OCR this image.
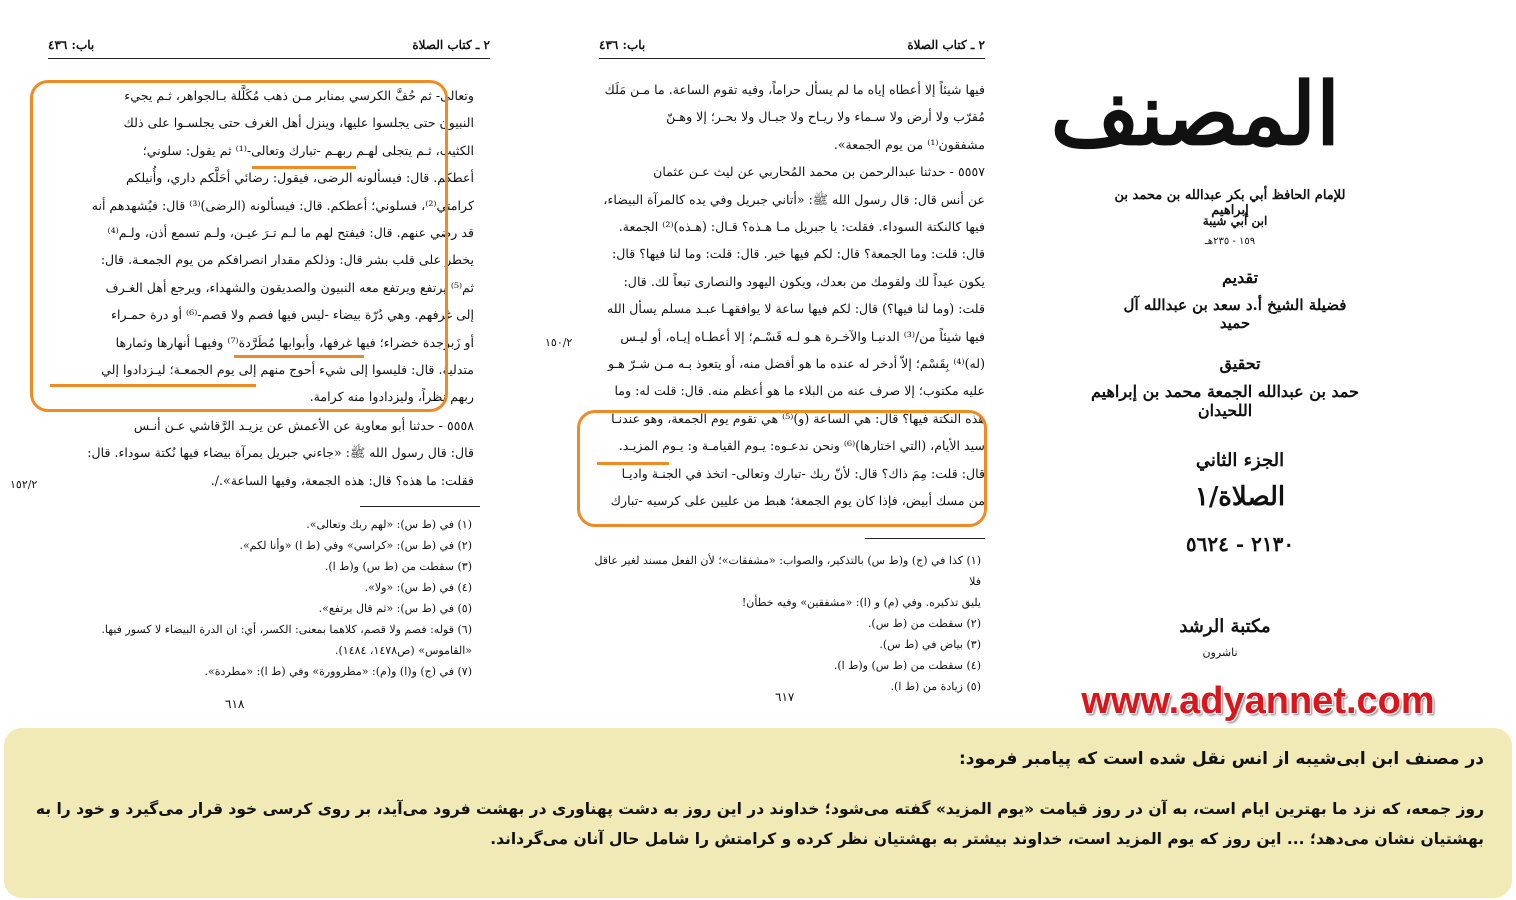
٢ ـ كتاب الصلاة
باب: ٤٣٦

وتعالى- ثم حُفَّ الكرسي بمنابر مـن ذهب مُكَلَّلة بـالجواهر، ثـم يجيء

النبيون حتى يجلسوا عليها، وينزل أهل الغرف حتى يجلسـوا على ذلك

الكثيب، ثـم يتجلى لهـم ربهـم -تبارك وتعالى-⁽¹⁾ ثم يقول: سلوني؛

أعطكم. قال: فيسألونه الرضى، فيقول: رضائي أحَلَّكم داري، وأُنيلكم

كرامتي⁽²⁾، فسلوني؛ أعطكم. قال: فيسألونه (الرضى)⁽³⁾ قال: فيُشهدهم أنه

قد رضي عنهم. قال: فيفتح لهم ما لـم تـرَ عيـن، ولـم تسمع أذن، ولـم⁽⁴⁾

يخطر على قلب بشر قال: وذلكم مقدار انصرافكم من يوم الجمعـة. قال:

ثم⁽⁵⁾ يرتفع ويرتفع معه النبيون والصديقون والشهداء، ويرجع أهل الغـرف

إلى غرفهم. وهي دُرّة بيضاء -ليس فيها فصم ولا قصم-⁽⁶⁾ أو درة حمـراء

أو زَبرجدة خضراء؛ فيها غرفها، وأبوابها مُطَرَّدة⁽⁷⁾ وفيهـا أنهارها وثمارها

متدلية. قال: فليسوا إلى شيء أحوج منهم إلى يوم الجمعـة؛ ليـزدادوا إلي

ربهم نظراً، وليزدادوا منه كرامة.

٥٥٥٨ - حدثنا أبو معاوية عن الأعمش عن يزيـد الرَّقاشي عـن أنـس

قال: قال رسول الله ﷺ: «جاءني جبريل بمرآة بيضاء فيها نُكتة سوداء. قال:

فقلت: ما هذه؟ قال: هذه الجمعة، وفيها الساعة»./.

١٥٢/٢

(١) في (ط س): «لهم ربك وتعالى».

(٢) في (ط س): «كراسي» وفي (ط ا) «وأنا لكم».

(٣) سقطت من (ط س) و(ط ا).

(٤) في (ط س): «ولا».

(٥) في (ط س): «ثم قال يرتفع».

(٦) قوله: فصم ولا قصم، كلاهما بمعنى: الكسر، أي: ان الدرة البيضاء لا كسور فيها.

«القاموس» (ص١٤٧٨، ١٤٨٤).

(٧) في (ج) و(ا) و(م): «مطروورة» وفي (ط ا): «مطردة».

٦١٨
٢ ـ كتاب الصلاة
باب: ٤٣٦

فيها شيئاً إلا أعطاه إياه ما لم يسأل حراماً، وفيه تقوم الساعة. ما مـن مَلَك

مُقرّب ولا أرض ولا سـماء ولا ريـاح ولا جبـال ولا بحـر؛ إلا وهـنّ

مشفقون⁽¹⁾ من يوم الجمعة».

٥٥٥٧ - حدثنا عبدالرحمن بن محمد المُحاربي عن ليث عـن عثمان

عن أنس قال: قال رسول الله ﷺ: «أتاني جبريل وفي يده كالمرآة البيضاء،

فيها كالنكتة السوداء. فقلت: يا جبريل مـا هـذه؟ قـال: (هـذه)⁽²⁾ الجمعة.

قال: قلت: وما الجمعة؟ قال: لكم فيها خير. قال: قلت: وما لنا فيها؟ قال:

يكون عيداً لك ولقومك من بعدك، ويكون اليهود والنصارى تبعاً لك. قال:

قلت: (وما لنا فيها؟) قال: لكم فيها ساعة لا يوافقهـا عبـد مسلم يسأل الله

فيها شيئاً من/⁽³⁾ الدنيـا والآخـرة هـو لـه قَسْـم؛ إلا أعطـاه إيـاه، أو ليـس

(له)⁽⁴⁾ بِقَسْم؛ إلاّ أدخر له عنده ما هو أفضل منه، أو يتعوذ بـه مـن شـرّ هـو

عليه مكتوب؛ إلا صرف عنه من البلاء ما هو أعظم منه. قال: قلت له: وما

هذه النكتة فيها؟ قال: هي الساعة (و)⁽⁵⁾ هي تقوم يوم الجمعة، وهو عندنـا

سيد الأيام، (التي اختارها)⁽⁶⁾ ونحن ندعـوه: يـوم القيامـة و: يـوم المزيـد.

قال: قلت: مِمَ ذاك؟ قال: لأنّ ربك -تبارك وتعالى- اتخذ في الجنـة واديـا

من مسك أبيض، فإذا كان يوم الجمعة؛ هبط من عليين على كرسيه -تبارك

١٥٠/٢

(١) كذا في (ج) و(ط س) بالتذكير، والصواب: «مشفقات»؛ لأن الفعل مسند لغير عاقل فلا

يليق تذكيره. وفي (م) و (ا): «مشفقين» وفيه خطأن!

(٢) سقطت من (ط س).

(٣) بياض في (ط س).

(٤) سقطت من (ط س) و(ط ا).

(٥) زيادة من (ط ا).

٦١٧
المصنف
للإمام الحافظ أبي بكر عبدالله بن محمد بن إبراهيم
ابن أبي شيبة
١٥٩ - ٢٣٥هـ
تقديم
فضيلة الشيخ أ.د سعد بن عبدالله آل حميد
تحقيق
حمد بن عبدالله الجمعة محمد بن إبراهيم اللحيدان
الجزء الثاني
الصلاة/١
٢١٣٠ - ٥٦٢٤
مكتبة الرشد
ناشرون
www.adyannet.com
در مصنف ابن ابی‌شیبه از انس نقل شده است که پیامبر فرمود:
روز جمعه، که نزد ما بهترین ایام است، به آن در روز قیامت «یوم المزید» گفته می‌شود؛ خداوند در این روز به دشت پهناوری در بهشت فرود می‌آید، بر روی کرسی خود قرار می‌گیرد و خود را به بهشتیان نشان می‌دهد؛ ... این روز که یوم المزید است، خداوند بیشتر به بهشتیان نظر کرده و کرامتش را شامل حال آنان می‌گرداند.
